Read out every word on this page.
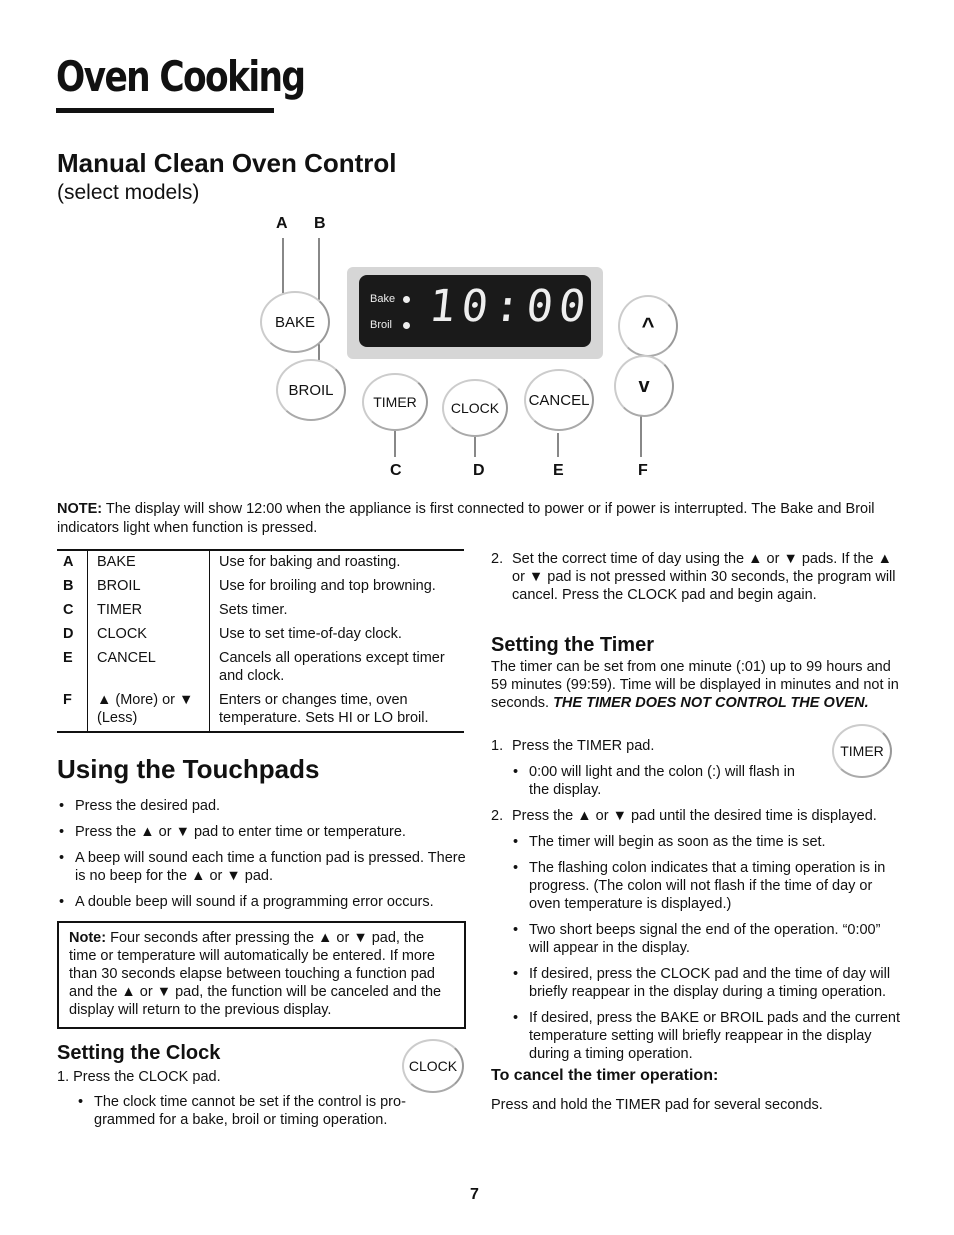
Oven Cooking
Manual Clean Oven Control
(select models)
A B
C	D	E	F
Bake
Broil 10:00
BAKE
BROIL
TIMER	CLOCK	CANCEL
^
v
NOTE: The display will show 12:00 when the appliance is first connected to power or if power is interrupted. The Bake and Broil indicators light when function is pressed.
A	BAKE	Use for baking and roasting.
B	BROIL	Use for broiling and top browning.
C	TIMER	Sets timer.
D	CLOCK	Use to set time-of-day clock.
E	CANCEL	Cancels all operations except timer and clock.
F	▲ (More) or ▼ (Less)	Enters or changes time, oven temperature. Sets HI or LO broil.
Using the Touchpads
• Press the desired pad.
• Press the ▲ or ▼ pad to enter time or temperature.
• A beep will sound each time a function pad is pressed. There is no beep for the ▲ or ▼ pad.
• A double beep will sound if a programming error occurs.
Note: Four seconds after pressing the ▲ or ▼ pad, the time or temperature will automatically be entered. If more than 30 seconds elapse between touching a function pad and the ▲ or ▼ pad, the function will be canceled and the display will return to the previous display.
Setting the Clock
CLOCK

1. Press the CLOCK pad.

• The clock time cannot be set if the control is pro-grammed for a bake, broil or timing operation.
2. Set the correct time of day using the ▲ or ▼ pads. If the ▲ or ▼ pad is not pressed within 30 seconds, the program will cancel. Press the CLOCK pad and begin again.
Setting the Timer

The timer can be set from one minute (:01) up to 99 hours and 59 minutes (99:59). Time will be displayed in minutes and not in seconds. THE TIMER DOES NOT CONTROL THE OVEN.

TIMER
1. Press the TIMER pad.
• 0:00 will light and the colon (:) will flash in the display.
2. Press the ▲ or ▼ pad until the desired time is displayed.
• The timer will begin as soon as the time is set.
• The flashing colon indicates that a timing operation is in progress. (The colon will not flash if the time of day or oven temperature is displayed.)
• Two short beeps signal the end of the operation. “0:00” will appear in the display.
• If desired, press the CLOCK pad and the time of day will briefly reappear in the display during a timing operation.
• If desired, press the BAKE or BROIL pads and the current temperature setting will briefly reappear in the display during a timing operation.
To cancel the timer operation:

Press and hold the TIMER pad for several seconds.

7
